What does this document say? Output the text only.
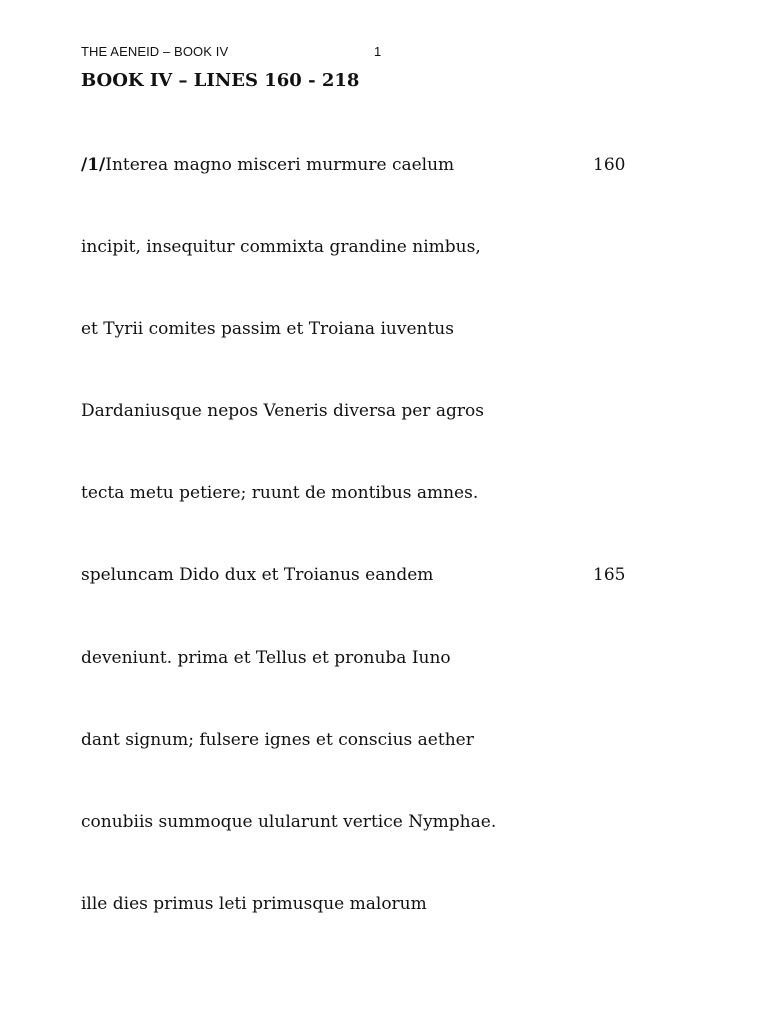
THE AENEID – BOOK IV	1
BOOK IV – LINES 160 - 218
/1/Interea magno misceri murmure caelum	160
incipit, insequitur commixta grandine nimbus,
et Tyrii comites passim et Troiana iuventus
Dardaniusque nepos Veneris diversa per agros
tecta metu petiere; ruunt de montibus amnes.
speluncam Dido dux et Troianus eandem	165
deveniunt. prima et Tellus et pronuba Iuno
dant signum; fulsere ignes et conscius aether
conubiis summoque ulularunt vertice Nymphae.
ille dies primus leti primusque malorum
